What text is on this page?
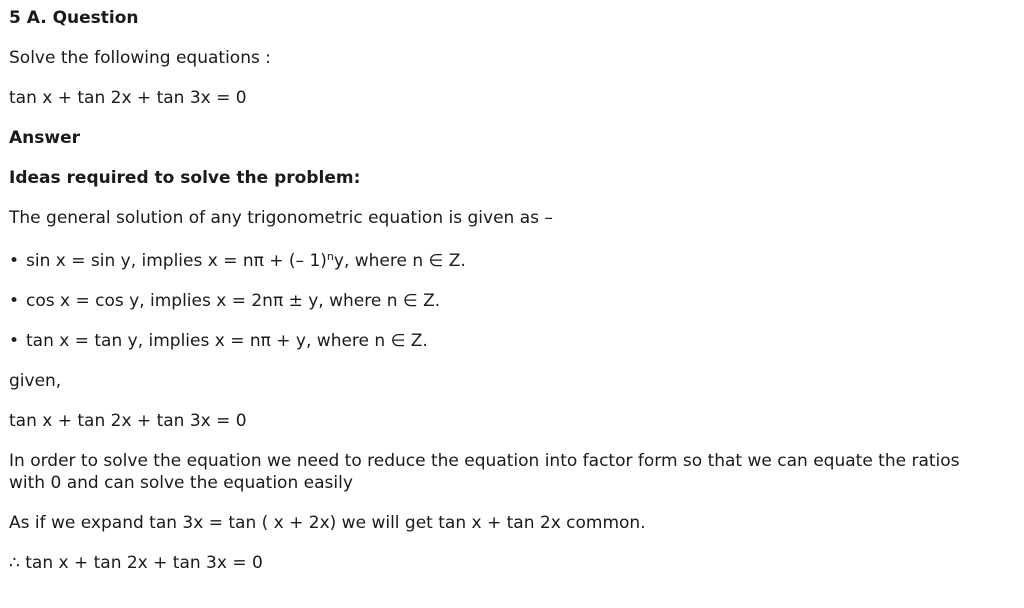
5 A. Question
Solve the following equations :
tan x + tan 2x + tan 3x = 0
Answer
Ideas required to solve the problem:
The general solution of any trigonometric equation is given as –
• sin x = sin y, implies x = nπ + (– 1)$^n$y, where n ∈ Z.
• cos x = cos y, implies x = 2nπ ± y, where n ∈ Z.
• tan x = tan y, implies x = nπ + y, where n ∈ Z.
given,
tan x + tan 2x + tan 3x = 0
In order to solve the equation we need to reduce the equation into factor form so that we can equate the ratios with 0 and can solve the equation easily
As if we expand tan 3x = tan ( x + 2x) we will get tan x + tan 2x common.
∴ tan x + tan 2x + tan 3x = 0
